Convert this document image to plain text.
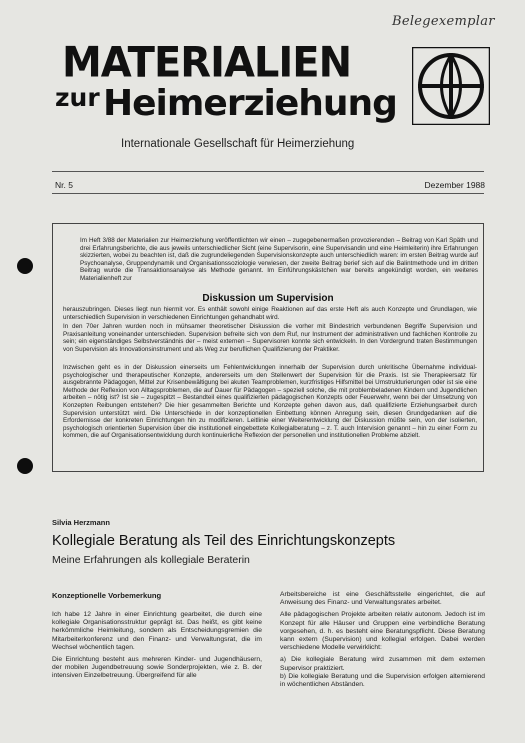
Belegexemplar
MATERIALIEN
zur Heimerziehung
Internationale Gesellschaft für Heimerziehung
Nr. 5	Dezember 1988
Im Heft 3/88 der Materialien zur Heimerziehung veröffentlichten wir einen – zugegebenermaßen provozierenden – Beitrag von Karl Späth und drei Erfahrungsberichte, die aus jeweils unterschiedlicher Sicht (eine Supervisorin, eine Supervisandin und eine Heimleiterin) ihre Erfahrungen skizzierten, wobei zu beachten ist, daß die zugrundeliegenden Supervisionskonzepte auch unterschiedlich waren: im ersten Beitrag wurde auf Psychoanalyse, Gruppendynamik und Organisationssoziologie verwiesen, der zweite Beitrag berief sich auf die Balintmethode und im dritten Beitrag wurde die Transaktionsanalyse als Methode genannt. Im Einführungskästchen war bereits angekündigt worden, ein weiteres Materialienheft zur
Diskussion um Supervision
herauszubringen. Dieses liegt nun hiermit vor. Es enthält sowohl einige Reaktionen auf das erste Heft als auch Konzepte und Grundlagen, wie unterschiedlich Supervision in verschiedenen Einrichtungen gehandhabt wird.
In den 70er Jahren wurden noch in mühsamer theoretischer Diskussion die vorher mit Bindestrich verbundenen Begriffe Supervision und Praxisanleitung voneinander unterschieden. Supervision befreite sich von dem Ruf, nur Instrument der administrativen und fachlichen Kontrolle zu sein; ein eigenständiges Selbstverständnis der – meist externen – Supervisoren konnte sich entwickeln. In den Vordergrund traten Bestimmungen von Supervision als Innovationsinstrument und als Weg zur beruflichen Qualifizierung der Praktiker.
Inzwischen geht es in der Diskussion einerseits um Fehlentwicklungen innerhalb der Supervision durch unkritische Übernahme individual-psychologischer und therapeutischer Konzepte, andererseits um den Stellenwert der Supervision für die Praxis. Ist sie Therapieersatz für ausgebrannte Pädagogen, Mittel zur Krisenbewältigung bei akuten Teamproblemen, kurzfristiges Hilfsmittel bei Umstrukturierungen oder ist sie eine Methode der Reflexion von Alltagsproblemen, die auf Dauer für Pädagogen – speziell solche, die mit problembeladenen Kindern und Jugendlichen arbeiten – nötig ist? Ist sie – zugespitzt – Bestandteil eines qualifizierten pädagogischen Konzepts oder Feuerwehr, wenn bei der Umsetzung von Konzepten Reibungen entstehen? Die hier gesammelten Berichte und Konzepte gehen davon aus, daß qualifizierte Erziehungsarbeit durch Supervision unterstützt wird. Die Unterschiede in der konzeptionellen Einbettung können Anregung sein, diesen Grundgedanken auf die Erfordernisse der konkreten Einrichtungen hin zu modifizieren. Leitlinie einer Weiterentwicklung der Diskussion müßte sein, von der isolierten, psychologisch orientierten Supervision über die institutionell eingebettete Kollegialberatung – z. T. auch Intervision genannt – hin zu einer Form zu kommen, die auf Organisationsentwicklung durch kontinuierliche Reflexion der personellen und institutionellen Probleme abzielt.
Silvia Herzmann
Kollegiale Beratung als Teil des Einrichtungskonzepts
Meine Erfahrungen als kollegiale Beraterin
Konzeptionelle Vorbemerkung

Ich habe 12 Jahre in einer Einrichtung gearbeitet, die durch eine kollegiale Organisationsstruktur geprägt ist. Das heißt, es gibt keine herkömmliche Heimleitung, sondern als Entscheidungsgremien die Mitarbeiterkonferenz und den Finanz- und Verwaltungsrat, die im Wechsel wöchentlich tagen.

Die Einrichtung besteht aus mehreren Kinder- und Jugendhäusern, der mobilen Jugendbetreuung sowie Sonderprojekten, wie z. B. der intensiven Einzelbetreuung. Übergreifend für alle

Arbeitsbereiche ist eine Geschäftsstelle eingerichtet, die auf Anweisung des Finanz- und Verwaltungsrates arbeitet.

Alle pädagogischen Projekte arbeiten relativ autonom. Jedoch ist im Konzept für alle Häuser und Gruppen eine verbindliche Beratung vorgesehen, d. h. es besteht eine Beratungspflicht. Diese Beratung kann extern (Supervision) und kollegial erfolgen. Dabei werden verschiedene Modelle verwirklicht:

a) Die kollegiale Beratung wird zusammen mit dem externen Supervisor praktiziert.

b) Die kollegiale Beratung und die Supervision erfolgen alternierend in wöchentlichen Abständen.
